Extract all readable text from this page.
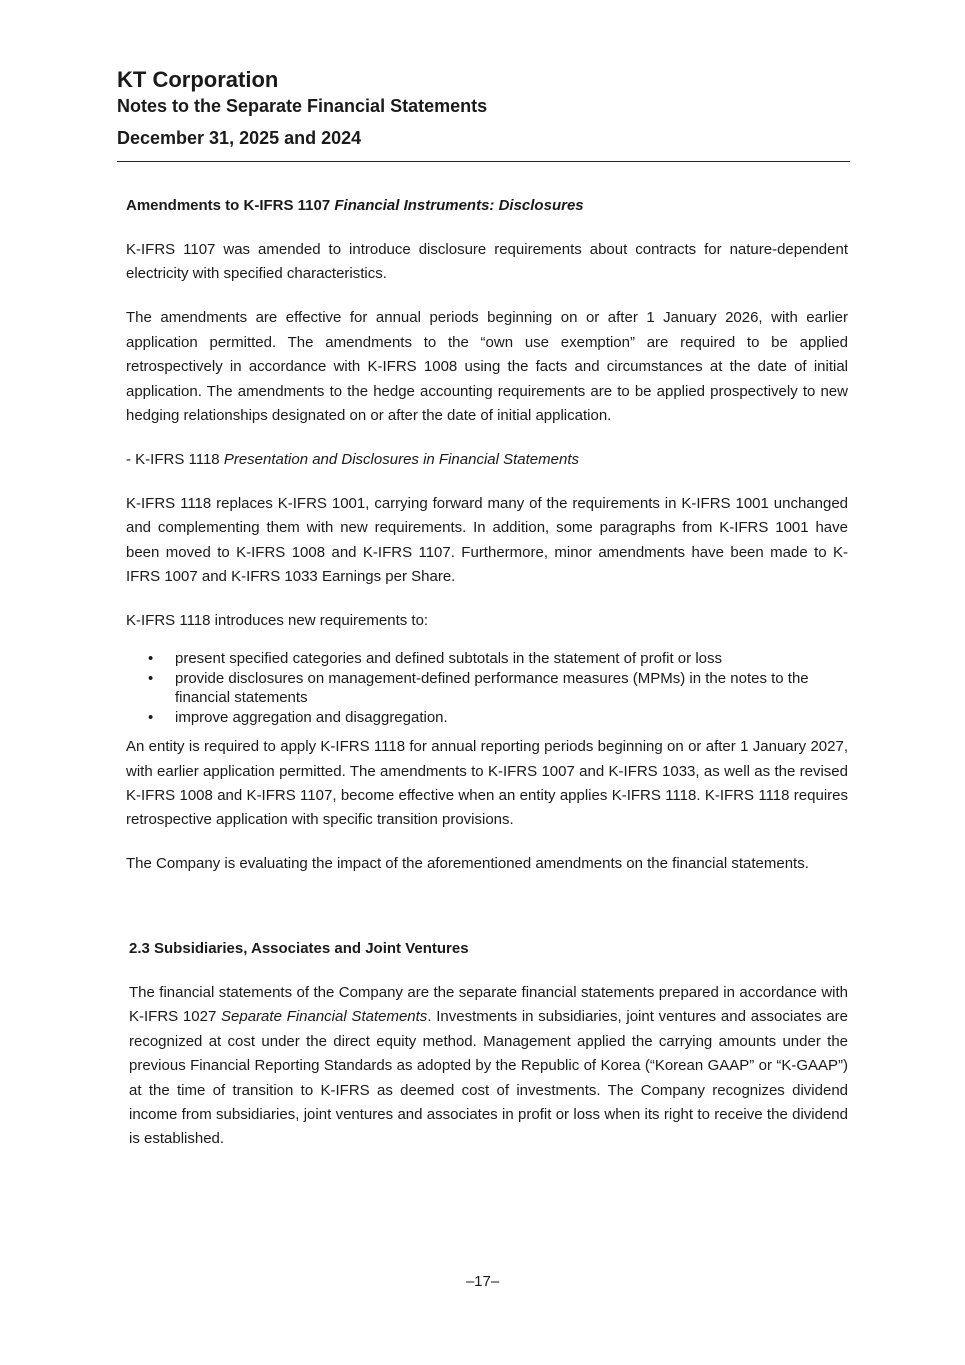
KT Corporation
Notes to the Separate Financial Statements
December 31, 2025 and 2024
Amendments to K-IFRS 1107 Financial Instruments: Disclosures

K-IFRS 1107 was amended to introduce disclosure requirements about contracts for nature-dependent electricity with specified characteristics.

The amendments are effective for annual periods beginning on or after 1 January 2026, with earlier application permitted. The amendments to the “own use exemption” are required to be applied retrospectively in accordance with K-IFRS 1008 using the facts and circumstances at the date of initial application. The amendments to the hedge accounting requirements are to be applied prospectively to new hedging relationships designated on or after the date of initial application.

- K-IFRS 1118 Presentation and Disclosures in Financial Statements

K-IFRS 1118 replaces K-IFRS 1001, carrying forward many of the requirements in K-IFRS 1001 unchanged and complementing them with new requirements. In addition, some paragraphs from K-IFRS 1001 have been moved to K-IFRS 1008 and K-IFRS 1107. Furthermore, minor amendments have been made to K-IFRS 1007 and K-IFRS 1033 Earnings per Share.

K-IFRS 1118 introduces new requirements to:

• present specified categories and defined subtotals in the statement of profit or loss
• provide disclosures on management-defined performance measures (MPMs) in the notes to the financial statements
• improve aggregation and disaggregation.

An entity is required to apply K-IFRS 1118 for annual reporting periods beginning on or after 1 January 2027, with earlier application permitted. The amendments to K-IFRS 1007 and K-IFRS 1033, as well as the revised K-IFRS 1008 and K-IFRS 1107, become effective when an entity applies K-IFRS 1118. K-IFRS 1118 requires retrospective application with specific transition provisions.

The Company is evaluating the impact of the aforementioned amendments on the financial statements.

2.3 Subsidiaries, Associates and Joint Ventures

The financial statements of the Company are the separate financial statements prepared in accordance with K-IFRS 1027 Separate Financial Statements. Investments in subsidiaries, joint ventures and associates are recognized at cost under the direct equity method. Management applied the carrying amounts under the previous Financial Reporting Standards as adopted by the Republic of Korea (“Korean GAAP” or “K-GAAP”) at the time of transition to K-IFRS as deemed cost of investments. The Company recognizes dividend income from subsidiaries, joint ventures and associates in profit or loss when its right to receive the dividend is established.

–17–
